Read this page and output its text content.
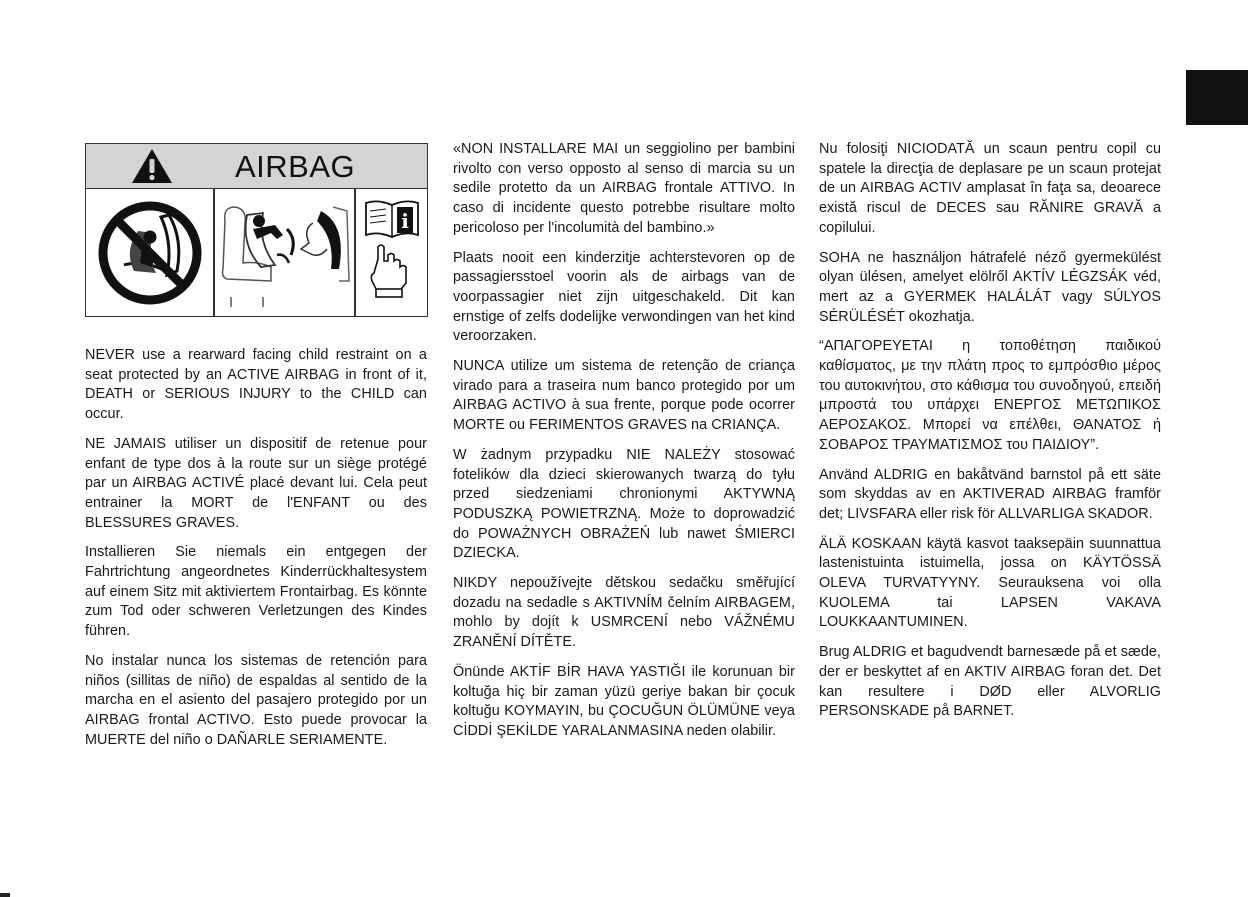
AIRBAG
i

NEVER use a rearward facing child restraint on a seat protected by an ACTIVE AIRBAG in front of it, DEATH or SERIOUS INJURY to the CHILD can occur.

NE JAMAIS utiliser un dispositif de retenue pour enfant de type dos à la route sur un siège protégé par un AIRBAG ACTIVÉ placé devant lui. Cela peut entrainer la MORT de l'ENFANT ou des BLESSURES GRAVES.

Installieren Sie niemals ein entgegen der Fahrtrichtung angeordnetes Kinderrückhaltesystem auf einem Sitz mit aktiviertem Frontairbag. Es könnte zum Tod oder schweren Verletzungen des Kindes führen.

No instalar nunca los sistemas de retención para niños (sillitas de niño) de espaldas al sentido de la marcha en el asiento del pasajero protegido por un AIRBAG frontal ACTIVO. Esto puede provocar la MUERTE del niño o DAÑARLE SERIAMENTE.

«NON INSTALLARE MAI un seggiolino per bambini rivolto con verso opposto al senso di marcia su un sedile protetto da un AIRBAG frontale ATTIVO. In caso di incidente questo potrebbe risultare molto pericoloso per l'incolumità del bambino.»

Plaats nooit een kinderzitje achterstevoren op de passagiersstoel voorin als de airbags van de voorpassagier niet zijn uitgeschakeld. Dit kan ernstige of zelfs dodelijke verwondingen van het kind veroorzaken.

NUNCA utilize um sistema de retenção de criança virado para a traseira num banco protegido por um AIRBAG ACTIVO à sua frente, porque pode ocorrer MORTE ou FERIMENTOS GRAVES na CRIANÇA.

W żadnym przypadku NIE NALEŻY stosować fotelików dla dzieci skierowanych twarzą do tyłu przed siedzeniami chronionymi AKTYWNĄ PODUSZKĄ POWIETRZNĄ. Może to doprowadzić do POWAŻNYCH OBRAŻEŃ lub nawet ŚMIERCI DZIECKA.

NIKDY nepoužívejte dětskou sedačku směřující dozadu na sedadle s AKTIVNÍM čelním AIRBAGEM, mohlo by dojít k USMRCENÍ nebo VÁŽNÉMU ZRANĚNÍ DÍTĚTE.

Önünde AKTİF BİR HAVA YASTIĞI ile korunuan bir koltuğa hiç bir zaman yüzü geriye bakan bir çocuk koltuğu KOYMAYIN, bu ÇOCUĞUN ÖLÜMÜNE veya CİDDİ ŞEKİLDE YARALANMASINA neden olabilir.

Nu folosiţi NICIODATĂ un scaun pentru copil cu spatele la direcţia de deplasare pe un scaun protejat de un AIRBAG ACTIV amplasat în faţa sa, deoarece există riscul de DECES sau RĂNIRE GRAVĂ a copilului.

SOHA ne használjon hátrafelé néző gyermekülést olyan ülésen, amelyet elölről AKTÍV LÉGZSÁK véd, mert az a GYERMEK HALÁLÁT vagy SÚLYOS SÉRÜLÉSÉT okozhatja.

“ΑΠΑΓΟΡΕΥΕΤΑΙ η τοποθέτηση παιδικού καθίσματος, με την πλάτη προς το εμπρόσθιο μέρος του αυτοκινήτου, στο κάθισμα του συνοδηγού, επειδή μπροστά του υπάρχει ΕΝΕΡΓΟΣ ΜΕΤΩΠΙΚΟΣ ΑΕΡΟΣΑΚΟΣ. Μπορεί να επέλθει, ΘΑΝΑΤΟΣ ή ΣΟΒΑΡΟΣ ΤΡΑΥΜΑΤΙΣΜΟΣ του ΠΑΙΔΙΟΥ”.

Använd ALDRIG en bakåtvänd barnstol på ett säte som skyddas av en AKTIVERAD AIRBAG framför det; LIVSFARA eller risk för ALLVARLIGA SKADOR.

ÄLÄ KOSKAAN käytä kasvot taaksepäin suunnattua lastenistuinta istuimella, jossa on KÄYTÖSSÄ OLEVA TURVATYYNY. Seurauksena voi olla KUOLEMA tai LAPSEN VAKAVA LOUKKAANTUMINEN.

Brug ALDRIG et bagudvendt barnesæde på et sæde, der er beskyttet af en AKTIV AIRBAG foran det. Det kan resultere i DØD eller ALVORLIG PERSONSKADE på BARNET.
